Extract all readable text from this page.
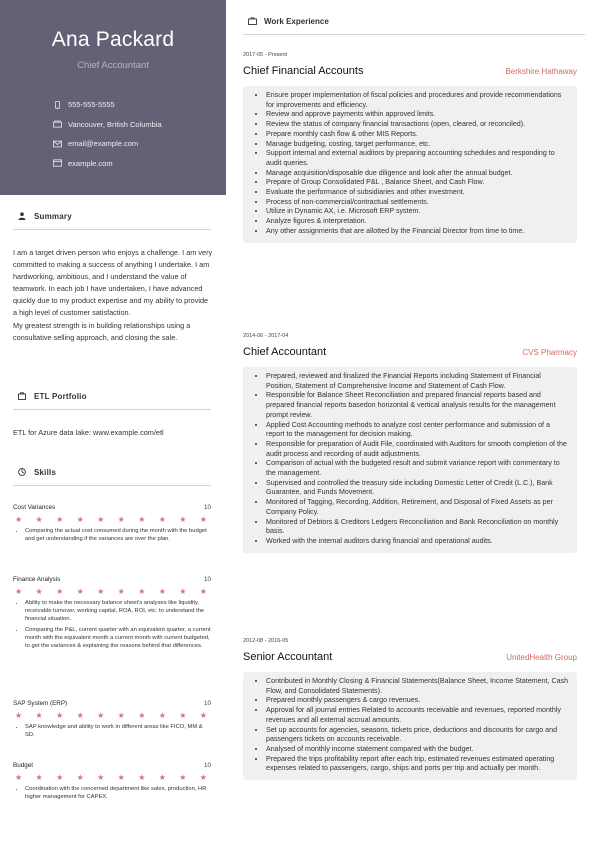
Ana Packard
Chief Accountant
555-555-5555
Vancouver, British Columbia
email@example.com
example.com
Summary

I am a target driven person who enjoys a challenge. I am very committed to making a success of anything I undertake. I am hardworking, ambitious, and I understand the value of teamwork. In each job I have undertaken, I have advanced quickly due to my product expertise and my ability to provide a high level of customer satisfaction.

My greatest strength is in building relationships using a consultative selling approach, and closing the sale.

ETL Portfolio
ETL for Azure data lake: www.example.com/etl
Skills
Cost Variances	10
★ ★ ★ ★ ★ ★ ★ ★ ★ ★
• Comparing the actual cost consumed during the month with the budget and get understanding if the variances are over the plan.
Finance Analysis	10
★ ★ ★ ★ ★ ★ ★ ★ ★ ★
• Ability to make the necessary balance sheet's analyses like liquidity, receivable turnover, working capital, ROA, ROI, etc. to understand the financial situation.
• Comparing the P&L, current quarter with an equivalent quarter, a current month with the equivalent month a current month with current budgeted, to get the variances & explaining the reasons behind that differences.
SAP System (ERP)	10
★ ★ ★ ★ ★ ★ ★ ★ ★ ★
• SAP knowledge and ability to work in different areas like FICO, MM & SD.
Budget	10
★ ★ ★ ★ ★ ★ ★ ★ ★ ★
• Coordination with the concerned department like sales, production, HR higher management for CAPEX.
Work Experience
2017-05 - Present
Chief Financial Accounts	Berkshire Hathaway
• Ensure proper implementation of fiscal policies and procedures and provide recommendations for improvements and efficiency.
• Review and approve payments within approved limits.
• Review the status of company financial transactions (open, cleared, or reconciled).
• Prepare monthly cash flow & other MIS Reports.
• Manage budgeting, costing, target performance, etc.
• Support internal and external auditors by preparing accounting schedules and responding to audit queries.
• Manage acquisition/disposable due diligence and look after the annual budget.
• Prepare of Group Consolidated P&L , Balance Sheet, and Cash Flow.
• Evaluate the performance of subsidiaries and other investment.
• Process of non-commercial/contractual settlements.
• Utilize in Dynamic AX, i.e. Microsoft ERP system.
• Analyze figures & interpretation.
• Any other assignments that are allotted by the Financial Director from time to time.
2014-06 - 2017-04
Chief Accountant	CVS Pharmacy
• Prepared, reviewed and finalized the Financial Reports including Statement of Financial Position, Statement of Comprehensive Income and Statement of Cash Flow.
• Responsible for Balance Sheet Reconciliation and prepared financial reports based and prepared financial reports basedon horizontal & vertical analysis results for the management prompt review.
• Applied Cost Accounting methods to analyze cost center performance and submission of a report to the management for decision making.
• Responsible for preparation of Audit File, coordinated with Auditors for smooth completion of the audit process and recording of audit adjustments.
• Comparison of actual with the budgeted result and submit variance report with commentary to the management.
• Supervised and controlled the treasury side including Domestic Letter of Credit (L.C.), Bank Guarantee, and Funds Movement.
• Monitored of Tagging, Recording, Addition, Retirement, and Disposal of Fixed Assets as per Company Policy.
• Monitored of Debtors & Creditors Ledgers Reconciliation and Bank Reconciliation on monthly basis.
• Worked with the internal auditors during financial and operational audits.
2012-08 - 2016-05
Senior Accountant	UnitedHealth Group
• Contributed in Monthly Closing & Financial Statements(Balance Sheet, Income Statement, Cash Flow, and Consolidated Statements).
• Prepared monthly passengers & cargo revenues.
• Approval for all journal entries Related to accounts receivable and revenues, reported monthly revenues and all external accrual amounts.
• Set up accounts for agencies, seasons, tickets price, deductions and discounts for cargo and passengers tickets on accounts receivable.
• Analysed of monthly income statement compared with the budget.
• Prepared the trips profitability report after each trip, estimated revenues estimated operating expenses related to passengers, cargo, ships and ports per trip and actually per month.
